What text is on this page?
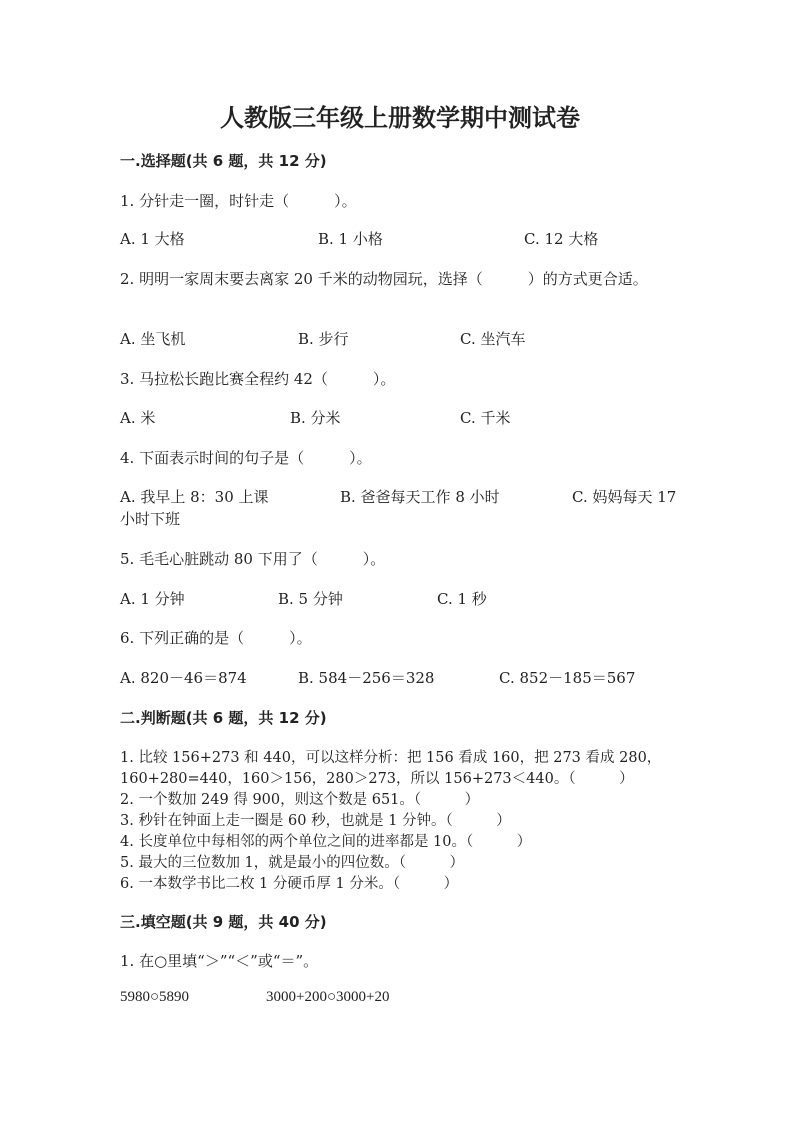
人教版三年级上册数学期中测试卷
一.选择题(共 6 题，共 12 分)
1. 分针走一圈，时针走（　　　）。
A. 1 大格	B. 1 小格	C. 12 大格
2. 明明一家周末要去离家 20 千米的动物园玩，选择（　　　）的方式更合适。
A. 坐飞机	B. 步行	C. 坐汽车
3. 马拉松长跑比赛全程约 42（　　　）。
A. 米	B. 分米	C. 千米
4. 下面表示时间的句子是（　　　）。
A. 我早上 8：30 上课	B. 爸爸每天工作 8 小时	C. 妈妈每天 17
小时下班
5. 毛毛心脏跳动 80 下用了（　　　）。
A. 1 分钟	B. 5 分钟	C. 1 秒
6. 下列正确的是（　　　）。
A. 820－46＝874	B. 584－256＝328	C. 852－185＝567
二.判断题(共 6 题，共 12 分)
1. 比较 156+273 和 440，可以这样分析：把 156 看成 160，把 273 看成 280，
160+280=440，160＞156，280＞273，所以 156+273＜440。（　　　）
2. 一个数加 249 得 900，则这个数是 651。（　　　）
3. 秒针在钟面上走一圈是 60 秒，也就是 1 分钟。（　　　）
4. 长度单位中每相邻的两个单位之间的进率都是 10。（　　　）
5. 最大的三位数加 1，就是最小的四位数。（　　　）
6. 一本数学书比二枚 1 分硬币厚 1 分米。（　　　）
三.填空题(共 9 题，共 40 分)
1. 在○里填“＞”“＜”或“＝”。
5980○5890	3000+200○3000+20
